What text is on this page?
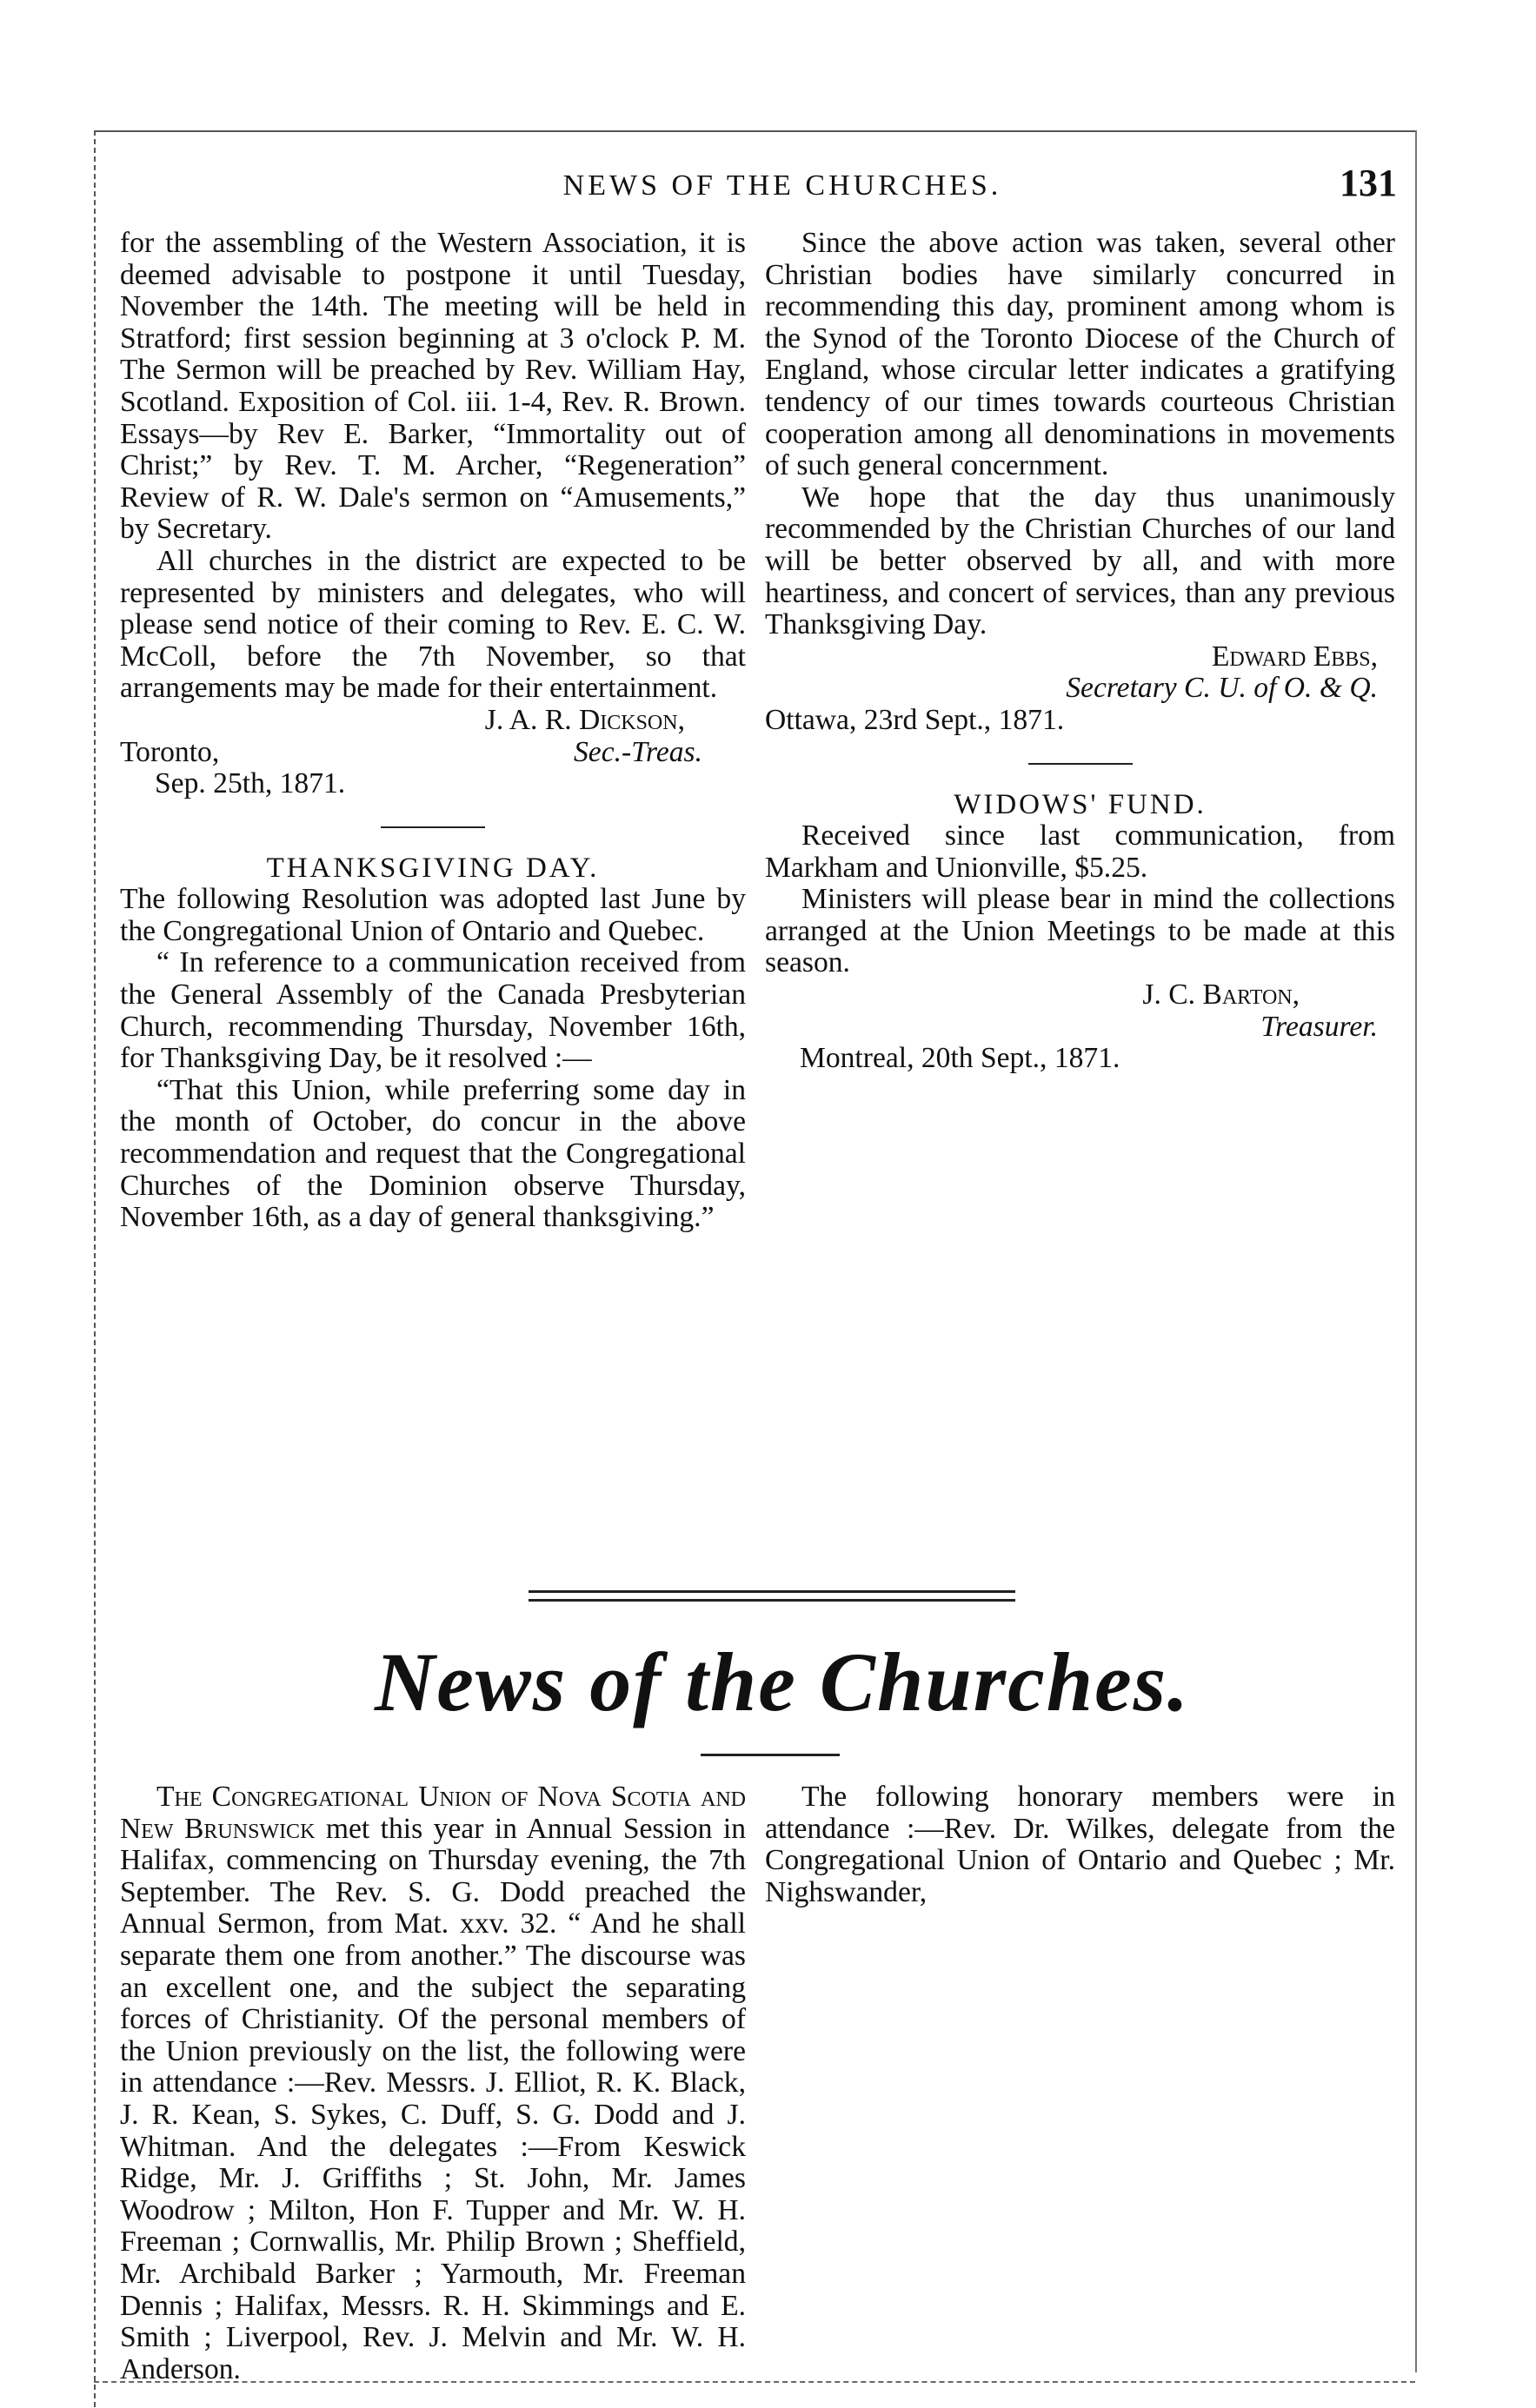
NEWS OF THE CHURCHES.	131

for the assembling of the Western Association, it is deemed advisable to postpone it until Tuesday, November the 14th. The meeting will be held in Stratford; first session beginning at 3 o'clock P. M. The Sermon will be preached by Rev. William Hay, Scotland. Exposition of Col. iii. 1-4, Rev. R. Brown. Essays—by Rev E. Barker, “Immortality out of Christ;” by Rev. T. M. Archer, “Regeneration” Review of R. W. Dale's sermon on “Amusements,” by Secretary.

All churches in the district are expected to be represented by ministers and delegates, who will please send notice of their coming to Rev. E. C. W. McColl, before the 7th November, so that arrangements may be made for their entertainment.

J. A. R. Dickson,

Toronto,	Sec.-Treas.

Sep. 25th, 1871.

THANKSGIVING DAY.

The following Resolution was adopted last June by the Congregational Union of Ontario and Quebec.

“ In reference to a communication received from the General Assembly of the Canada Presbyterian Church, recommending Thursday, November 16th, for Thanksgiving Day, be it resolved :—

“That this Union, while preferring some day in the month of October, do concur in the above recommendation and request that the Congregational Churches of the Dominion observe Thursday, November 16th, as a day of general thanksgiving.”

Since the above action was taken, several other Christian bodies have similarly concurred in recommending this day, prominent among whom is the Synod of the Toronto Diocese of the Church of England, whose circular letter indicates a gratifying tendency of our times towards courteous Christian cooperation among all denominations in movements of such general concernment.

We hope that the day thus unanimously recommended by the Christian Churches of our land will be better observed by all, and with more heartiness, and concert of services, than any previous Thanksgiving Day.

Edward Ebbs,

Secretary C. U. of O. & Q.

Ottawa, 23rd Sept., 1871.

WIDOWS' FUND.

Received since last communication, from Markham and Unionville, $5.25.

Ministers will please bear in mind the collections arranged at the Union Meetings to be made at this season.

J. C. Barton,

Treasurer.

Montreal, 20th Sept., 1871.

News of the Churches.

The Congregational Union of Nova Scotia and New Brunswick met this year in Annual Session in Halifax, commencing on Thursday evening, the 7th September. The Rev. S. G. Dodd preached the Annual Sermon, from Mat. xxv. 32. “ And he shall separate them one from another.” The discourse was an excellent one, and the subject the separating forces of Christianity. Of the personal members of the Union previously on the list, the following were in attendance :—Rev. Messrs. J. Elliot, R. K. Black, J. R. Kean, S. Sykes, C. Duff, S. G. Dodd and J. Whitman. And the delegates :—From Keswick Ridge, Mr. J. Griffiths ; St. John, Mr. James Woodrow ; Milton, Hon F. Tupper and Mr. W. H. Freeman ; Cornwallis, Mr. Philip Brown ; Sheffield, Mr. Archibald Barker ; Yarmouth, Mr. Freeman Dennis ; Halifax, Messrs. R. H. Skimmings and E. Smith ; Liverpool, Rev. J. Melvin and Mr. W. H. Anderson.

The following honorary members were in attendance :—Rev. Dr. Wilkes, delegate from the Congregational Union of Ontario and Quebec ; Mr. Nighswander,
